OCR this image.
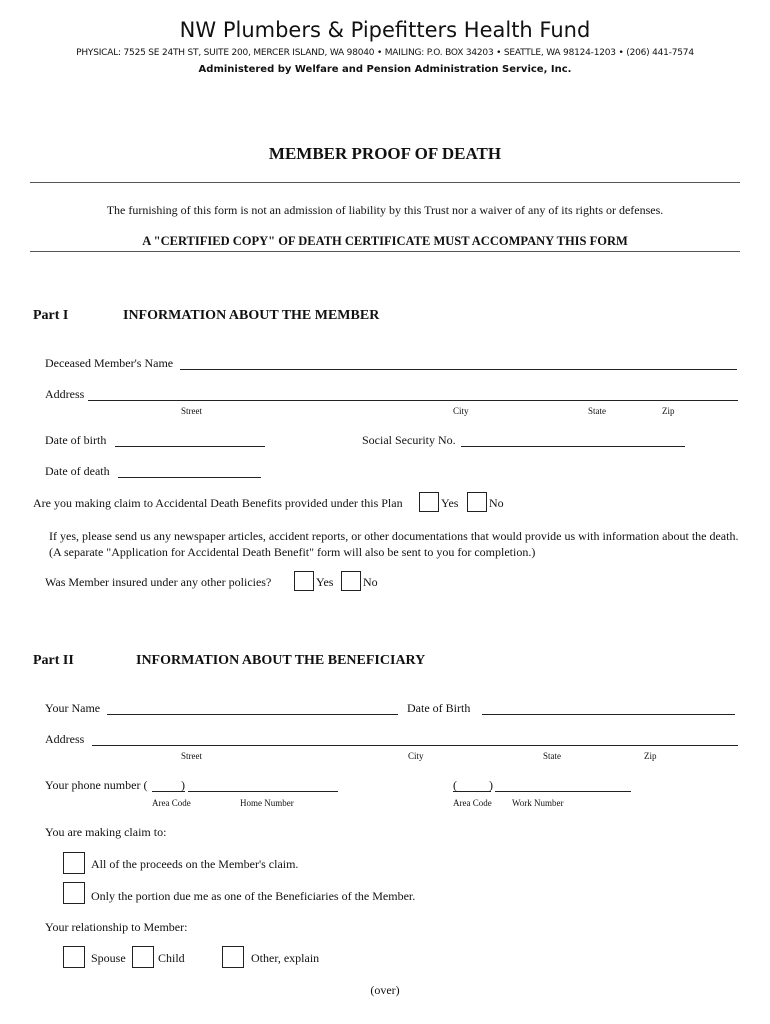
NW Plumbers & Pipefitters Health Fund
PHYSICAL: 7525 SE 24TH ST, SUITE 200, MERCER ISLAND, WA 98040 • MAILING: P.O. BOX 34203 • SEATTLE, WA 98124-1203 • (206) 441-7574
Administered by Welfare and Pension Administration Service, Inc.
MEMBER PROOF OF DEATH
The furnishing of this form is not an admission of liability by this Trust nor a waiver of any of its rights or defenses.
A "CERTIFIED COPY" OF DEATH CERTIFICATE MUST ACCOMPANY THIS FORM
Part I	INFORMATION ABOUT THE MEMBER
Deceased Member's Name
Address
Street	City	State	Zip
Date of birth	Social Security No.
Date of death
Are you making claim to Accidental Death Benefits provided under this Plan	Yes	No
If yes, please send us any newspaper articles, accident reports, or other documentations that would provide us with information about the death. (A separate "Application for Accidental Death Benefit" form will also be sent to you for completion.)
Was Member insured under any other policies?	Yes No
Part II	INFORMATION ABOUT THE BENEFICIARY
Your Name	Date of Birth
Address
Street	City	State	Zip
Your phone number (	)
Area Code	Home Number
(	)
Area Code Work Number
You are making claim to:
All of the proceeds on the Member's claim.
Only the portion due me as one of the Beneficiaries of the Member.
Your relationship to Member:
Spouse	Child	Other, explain
(over)
